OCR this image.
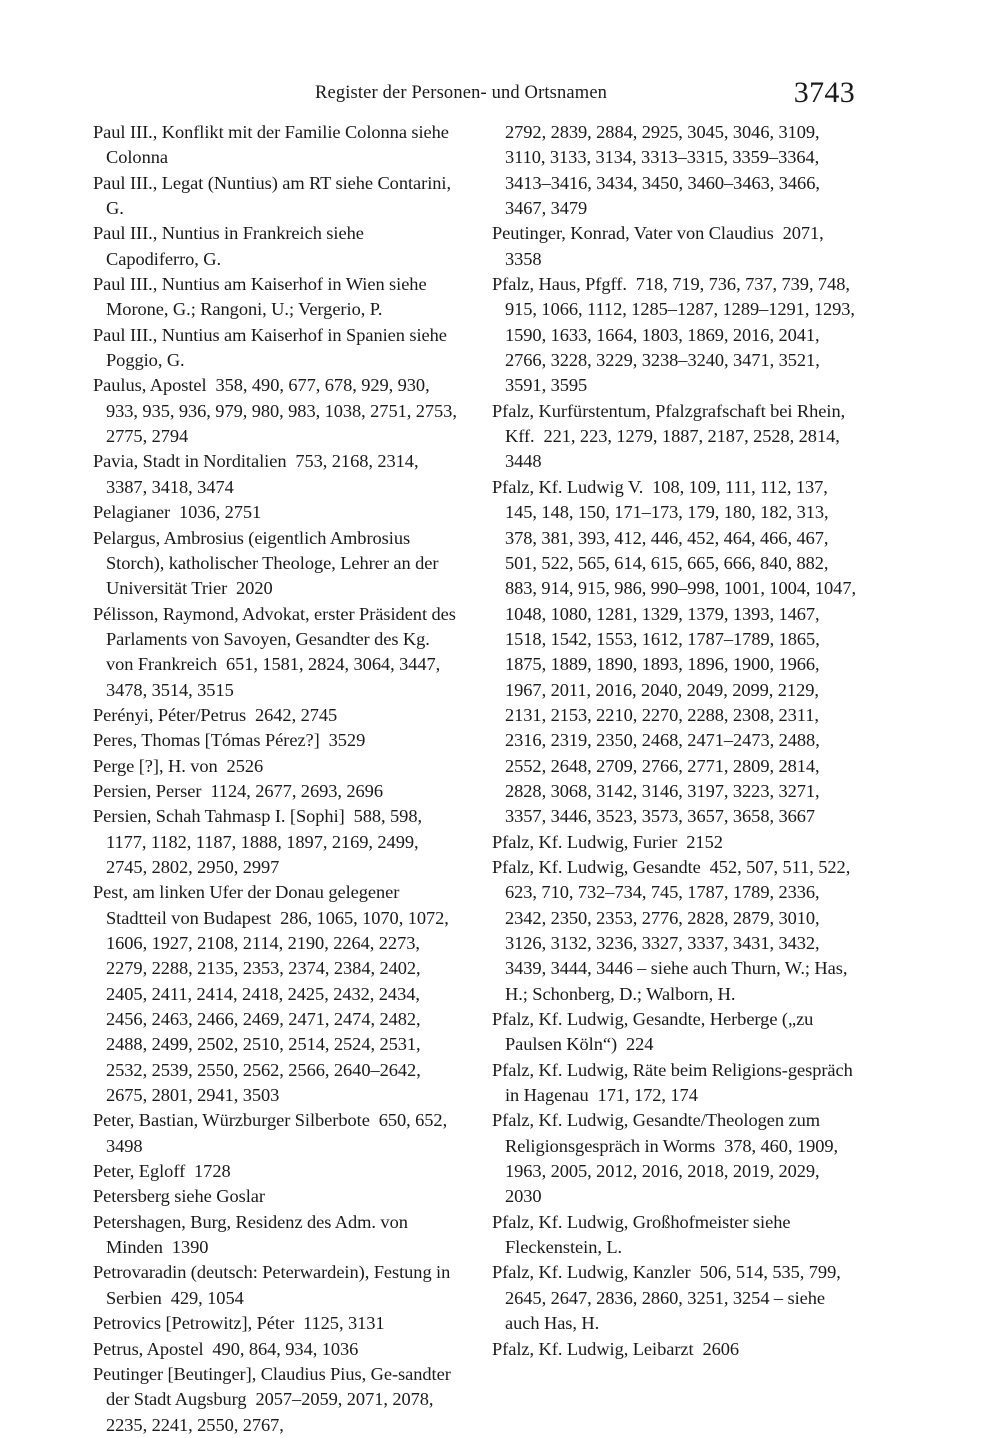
Register der Personen- und Ortsnamen	3743

Paul III., Konflikt mit der Familie Colonna siehe Colonna

Paul III., Legat (Nuntius) am RT siehe Contarini, G.

Paul III., Nuntius in Frankreich siehe Capodiferro, G.

Paul III., Nuntius am Kaiserhof in Wien siehe Morone, G.; Rangoni, U.; Vergerio, P.

Paul III., Nuntius am Kaiserhof in Spanien siehe Poggio, G.

Paulus, Apostel  358, 490, 677, 678, 929, 930, 933, 935, 936, 979, 980, 983, 1038, 2751, 2753, 2775, 2794

Pavia, Stadt in Norditalien  753, 2168, 2314, 3387, 3418, 3474

Pelagianer  1036, 2751

Pelargus, Ambrosius (eigentlich Ambrosius Storch), katholischer Theologe, Lehrer an der Universität Trier  2020

Pélisson, Raymond, Advokat, erster Präsident des Parlaments von Savoyen, Gesandter des Kg. von Frankreich  651, 1581, 2824, 3064, 3447, 3478, 3514, 3515

Perényi, Péter/Petrus  2642, 2745

Peres, Thomas [Tómas Pérez?]  3529

Perge [?], H. von  2526

Persien, Perser  1124, 2677, 2693, 2696

Persien, Schah Tahmasp I. [Sophi]  588, 598, 1177, 1182, 1187, 1888, 1897, 2169, 2499, 2745, 2802, 2950, 2997

Pest, am linken Ufer der Donau gelegener Stadtteil von Budapest  286, 1065, 1070, 1072, 1606, 1927, 2108, 2114, 2190, 2264, 2273, 2279, 2288, 2135, 2353, 2374, 2384, 2402, 2405, 2411, 2414, 2418, 2425, 2432, 2434, 2456, 2463, 2466, 2469, 2471, 2474, 2482, 2488, 2499, 2502, 2510, 2514, 2524, 2531, 2532, 2539, 2550, 2562, 2566, 2640–2642, 2675, 2801, 2941, 3503

Peter, Bastian, Würzburger Silberbote  650, 652, 3498

Peter, Egloff  1728

Petersberg siehe Goslar

Petershagen, Burg, Residenz des Adm. von Minden  1390

Petrovaradin (deutsch: Peterwardein), Festung in Serbien  429, 1054

Petrovics [Petrowitz], Péter  1125, 3131

Petrus, Apostel  490, 864, 934, 1036

Peutinger [Beutinger], Claudius Pius, Ge-sandter der Stadt Augsburg  2057–2059, 2071, 2078, 2235, 2241, 2550, 2767,

2792, 2839, 2884, 2925, 3045, 3046, 3109, 3110, 3133, 3134, 3313–3315, 3359–3364, 3413–3416, 3434, 3450, 3460–3463, 3466, 3467, 3479

Peutinger, Konrad, Vater von Claudius  2071, 3358

Pfalz, Haus, Pfgff.  718, 719, 736, 737, 739, 748, 915, 1066, 1112, 1285–1287, 1289–1291, 1293, 1590, 1633, 1664, 1803, 1869, 2016, 2041, 2766, 3228, 3229, 3238–3240, 3471, 3521, 3591, 3595

Pfalz, Kurfürstentum, Pfalzgrafschaft bei Rhein, Kff.  221, 223, 1279, 1887, 2187, 2528, 2814, 3448

Pfalz, Kf. Ludwig V.  108, 109, 111, 112, 137, 145, 148, 150, 171–173, 179, 180, 182, 313, 378, 381, 393, 412, 446, 452, 464, 466, 467, 501, 522, 565, 614, 615, 665, 666, 840, 882, 883, 914, 915, 986, 990–998, 1001, 1004, 1047, 1048, 1080, 1281, 1329, 1379, 1393, 1467, 1518, 1542, 1553, 1612, 1787–1789, 1865, 1875, 1889, 1890, 1893, 1896, 1900, 1966, 1967, 2011, 2016, 2040, 2049, 2099, 2129, 2131, 2153, 2210, 2270, 2288, 2308, 2311, 2316, 2319, 2350, 2468, 2471–2473, 2488, 2552, 2648, 2709, 2766, 2771, 2809, 2814, 2828, 3068, 3142, 3146, 3197, 3223, 3271, 3357, 3446, 3523, 3573, 3657, 3658, 3667

Pfalz, Kf. Ludwig, Furier  2152

Pfalz, Kf. Ludwig, Gesandte  452, 507, 511, 522, 623, 710, 732–734, 745, 1787, 1789, 2336, 2342, 2350, 2353, 2776, 2828, 2879, 3010, 3126, 3132, 3236, 3327, 3337, 3431, 3432, 3439, 3444, 3446 – siehe auch Thurn, W.; Has, H.; Schonberg, D.; Walborn, H.

Pfalz, Kf. Ludwig, Gesandte, Herberge („zu Paulsen Köln“)  224

Pfalz, Kf. Ludwig, Räte beim Religions-gespräch in Hagenau  171, 172, 174

Pfalz, Kf. Ludwig, Gesandte/Theologen zum Religionsgespräch in Worms  378, 460, 1909, 1963, 2005, 2012, 2016, 2018, 2019, 2029, 2030

Pfalz, Kf. Ludwig, Großhofmeister siehe Fleckenstein, L.

Pfalz, Kf. Ludwig, Kanzler  506, 514, 535, 799, 2645, 2647, 2836, 2860, 3251, 3254 – siehe auch Has, H.

Pfalz, Kf. Ludwig, Leibarzt  2606
